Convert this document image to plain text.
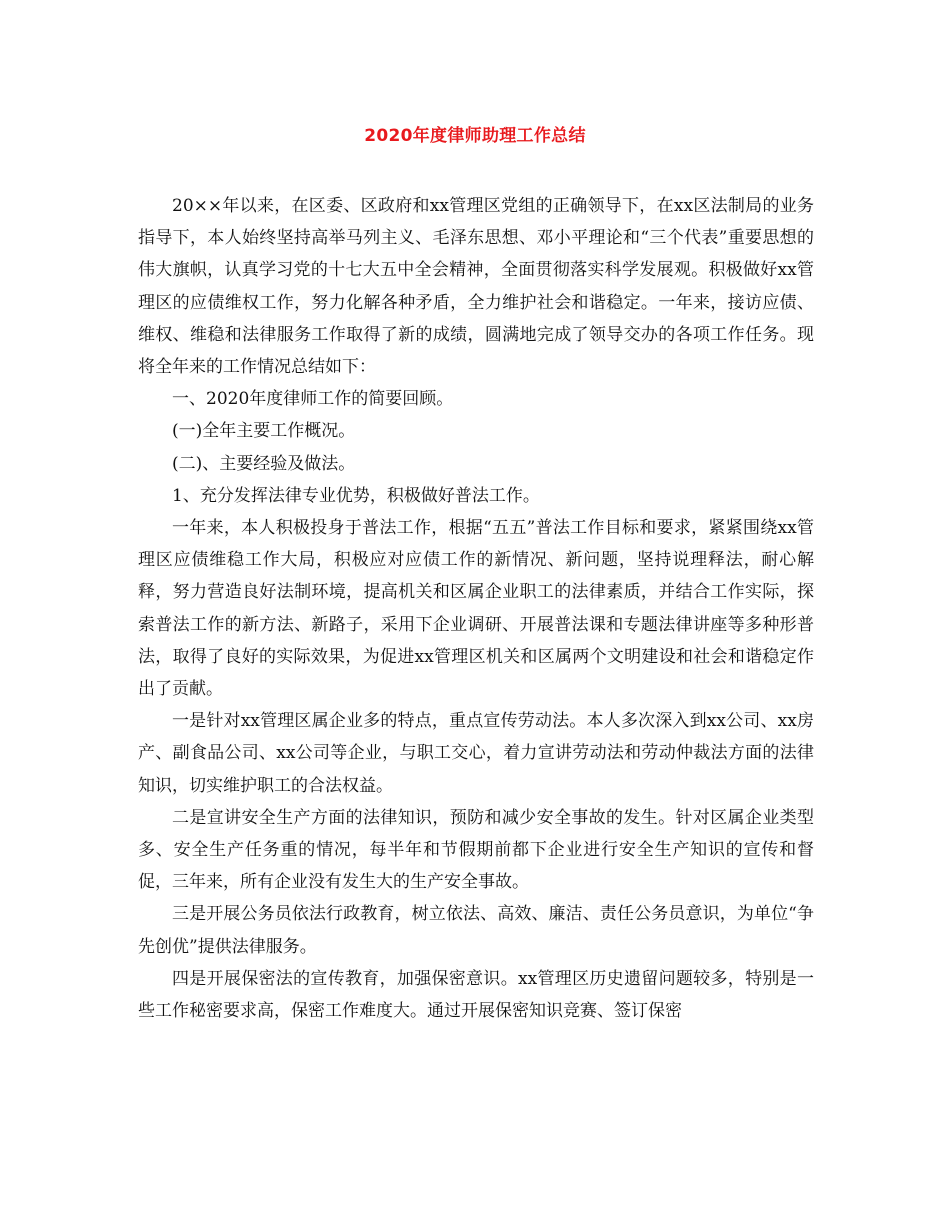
2020年度律师助理工作总结

20××年以来，在区委、区政府和xx管理区党组的正确领导下，在xx区法制局的业务指导下，本人始终坚持高举马列主义、毛泽东思想、邓小平理论和“三个代表”重要思想的伟大旗帜，认真学习党的十七大五中全会精神，全面贯彻落实科学发展观。积极做好xx管理区的应债维权工作，努力化解各种矛盾，全力维护社会和谐稳定。一年来，接访应债、维权、维稳和法律服务工作取得了新的成绩，圆满地完成了领导交办的各项工作任务。现将全年来的工作情况总结如下：

一、2020年度律师工作的简要回顾。

(一)全年主要工作概况。

(二)、主要经验及做法。

1、充分发挥法律专业优势，积极做好普法工作。

一年来，本人积极投身于普法工作，根据“五五”普法工作目标和要求，紧紧围绕xx管理区应债维稳工作大局，积极应对应债工作的新情况、新问题，坚持说理释法，耐心解释，努力营造良好法制环境，提高机关和区属企业职工的法律素质，并结合工作实际，探索普法工作的新方法、新路子，采用下企业调研、开展普法课和专题法律讲座等多种形普法，取得了良好的实际效果，为促进xx管理区机关和区属两个文明建设和社会和谐稳定作出了贡献。

一是针对xx管理区属企业多的特点，重点宣传劳动法。本人多次深入到xx公司、xx房产、副食品公司、xx公司等企业，与职工交心，着力宣讲劳动法和劳动仲裁法方面的法律知识，切实维护职工的合法权益。

二是宣讲安全生产方面的法律知识，预防和减少安全事故的发生。针对区属企业类型多、安全生产任务重的情况，每半年和节假期前都下企业进行安全生产知识的宣传和督促，三年来，所有企业没有发生大的生产安全事故。

三是开展公务员依法行政教育，树立依法、高效、廉洁、责任公务员意识，为单位“争先创优”提供法律服务。

四是开展保密法的宣传教育，加强保密意识。xx管理区历史遗留问题较多，特别是一些工作秘密要求高，保密工作难度大。通过开展保密知识竞赛、签订保密
